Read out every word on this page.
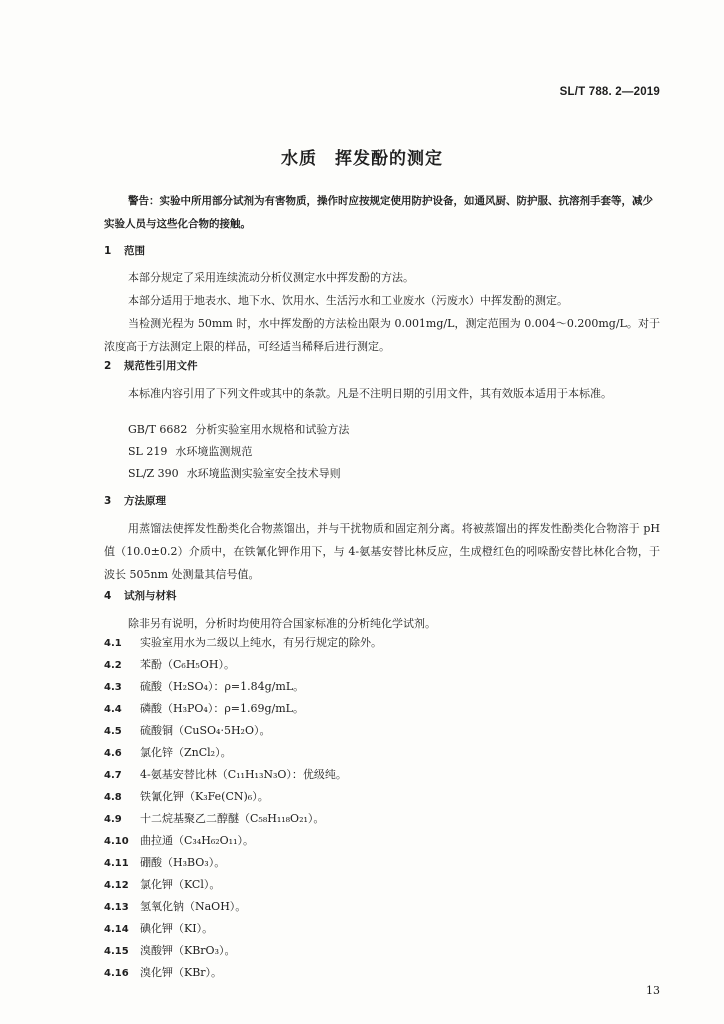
SL/T 788. 2—2019
水质　挥发酚的测定
警告：实验中所用部分试剂为有害物质，操作时应按规定使用防护设备，如通风厨、防护服、抗溶剂手套等，减少实验人员与这些化合物的接触。
1 范围
本部分规定了采用连续流动分析仪测定水中挥发酚的方法。
本部分适用于地表水、地下水、饮用水、生活污水和工业废水（污废水）中挥发酚的测定。
当检测光程为 50mm 时，水中挥发酚的方法检出限为 0.001mg/L，测定范围为 0.004～0.200mg/L。对于浓度高于方法测定上限的样品，可经适当稀释后进行测定。
2 规范性引用文件
本标准内容引用了下列文件或其中的条款。凡是不注明日期的引用文件，其有效版本适用于本标准。
GB/T 6682 分析实验室用水规格和试验方法
SL 219 水环境监测规范
SL/Z 390 水环境监测实验室安全技术导则
3 方法原理
用蒸馏法使挥发性酚类化合物蒸馏出，并与干扰物质和固定剂分离。将被蒸馏出的挥发性酚类化合物溶于 pH 值（10.0±0.2）介质中，在铁氰化钾作用下，与 4-氨基安替比林反应，生成橙红色的吲哚酚安替比林化合物，于波长 505nm 处测量其信号值。
4 试剂与材料
除非另有说明，分析时均使用符合国家标准的分析纯化学试剂。
4.1 实验室用水为二级以上纯水，有另行规定的除外。
4.2 苯酚（C₆H₅OH）。
4.3 硫酸（H₂SO₄）：ρ=1.84g/mL。
4.4 磷酸（H₃PO₄）：ρ=1.69g/mL。
4.5 硫酸铜（CuSO₄·5H₂O）。
4.6 氯化锌（ZnCl₂）。
4.7 4-氨基安替比林（C₁₁H₁₃N₃O）：优级纯。
4.8 铁氰化钾（K₃Fe(CN)₆）。
4.9 十二烷基聚乙二醇醚（C₅₈H₁₁₈O₂₁）。
4.10 曲拉通（C₃₄H₆₂O₁₁）。
4.11 硼酸（H₃BO₃）。
4.12 氯化钾（KCl）。
4.13 氢氧化钠（NaOH）。
4.14 碘化钾（KI）。
4.15 溴酸钾（KBrO₃）。
4.16 溴化钾（KBr）。
13
